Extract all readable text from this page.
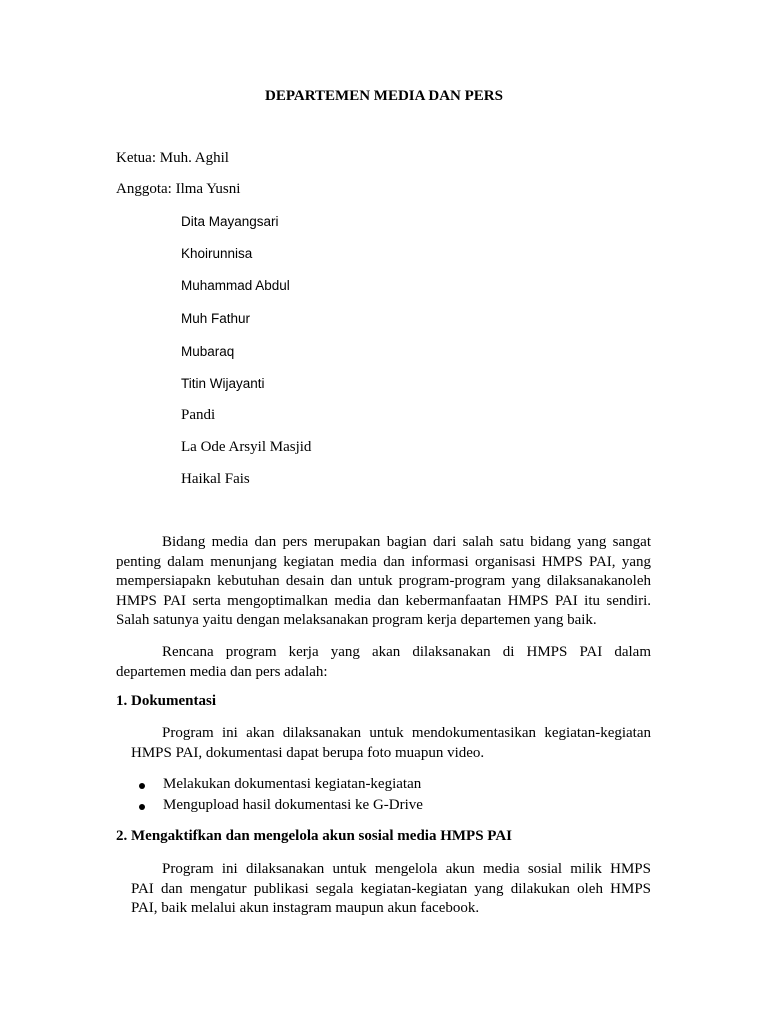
DEPARTEMEN MEDIA DAN PERS
Ketua: Muh. Aghil
Anggota: Ilma Yusni
Dita Mayangsari
Khoirunnisa
Muhammad Abdul
Muh Fathur
Mubaraq
Titin Wijayanti
Pandi
La Ode Arsyil Masjid
Haikal Fais
Bidang media dan pers merupakan bagian dari salah satu bidang yang sangat
penting dalam menunjang kegiatan media dan informasi organisasi HMPS PAI, yang
mempersiapakn kebutuhan desain dan untuk program-program yang dilaksanakanoleh
HMPS PAI serta mengoptimalkan media dan kebermanfaatan HMPS PAI itu sendiri.
Salah satunya yaitu dengan melaksanakan program kerja departemen yang baik.
Rencana program kerja yang akan dilaksanakan di HMPS PAI dalam
departemen media dan pers adalah:
1. Dokumentasi
Program ini akan dilaksanakan untuk mendokumentasikan kegiatan-kegiatan
HMPS PAI, dokumentasi dapat berupa foto muapun video.
Melakukan dokumentasi kegiatan-kegiatan
Mengupload hasil dokumentasi ke G-Drive
2. Mengaktifkan dan mengelola akun sosial media HMPS PAI
Program ini dilaksanakan untuk mengelola akun media sosial milik HMPS
PAI dan mengatur publikasi segala kegiatan-kegiatan yang dilakukan oleh HMPS
PAI, baik melalui akun instagram maupun akun facebook.
